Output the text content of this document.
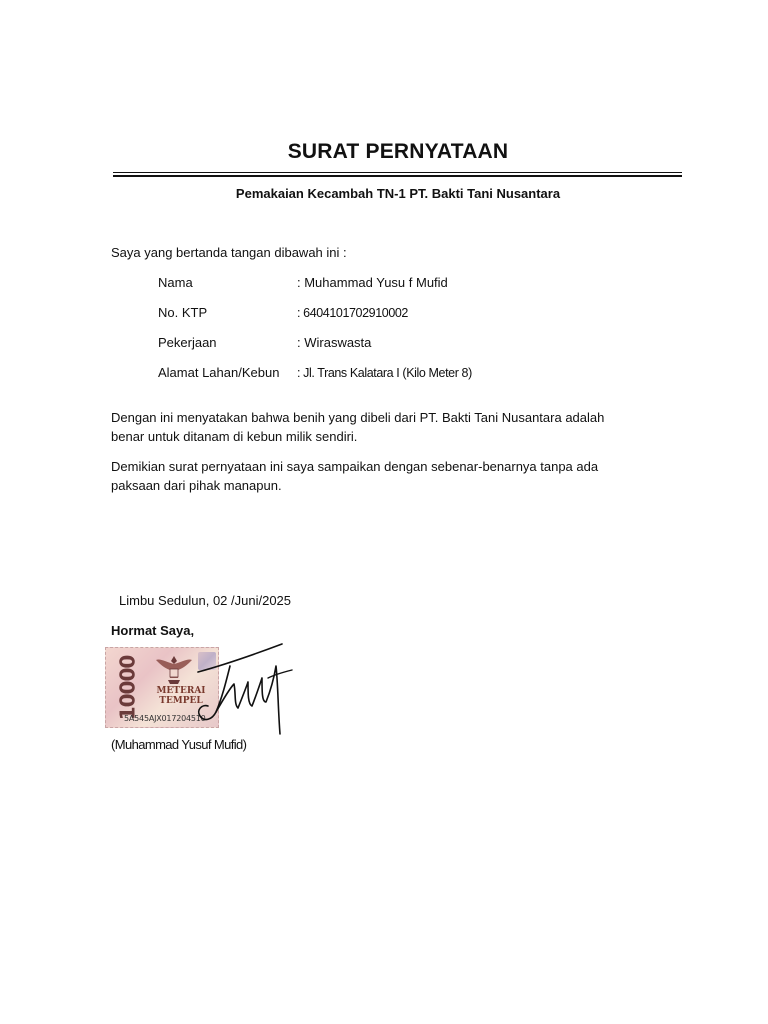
SURAT PERNYATAAN
Pemakaian Kecambah TN-1 PT. Bakti Tani Nusantara
Saya yang bertanda tangan dibawah ini :
Nama	: Muhammad Yusu f Mufid
No. KTP	: 6404101702910002
Pekerjaan	: Wiraswasta
Alamat Lahan/Kebun : Jl. Trans Kalatara I (Kilo Meter 8)
Dengan ini menyatakan bahwa benih yang dibeli dari PT. Bakti Tani Nusantara adalah
benar untuk ditanam di kebun milik sendiri.
Demikian surat pernyataan ini saya sampaikan dengan sebenar-benarnya tanpa ada
paksaan dari pihak manapun.
Limbu Sedulun, 02 /Juni/2025
Hormat Saya,
10000	METERAI
TEMPEL
5A545AJX017204510
(Muhammad Yusuf Mufid)
